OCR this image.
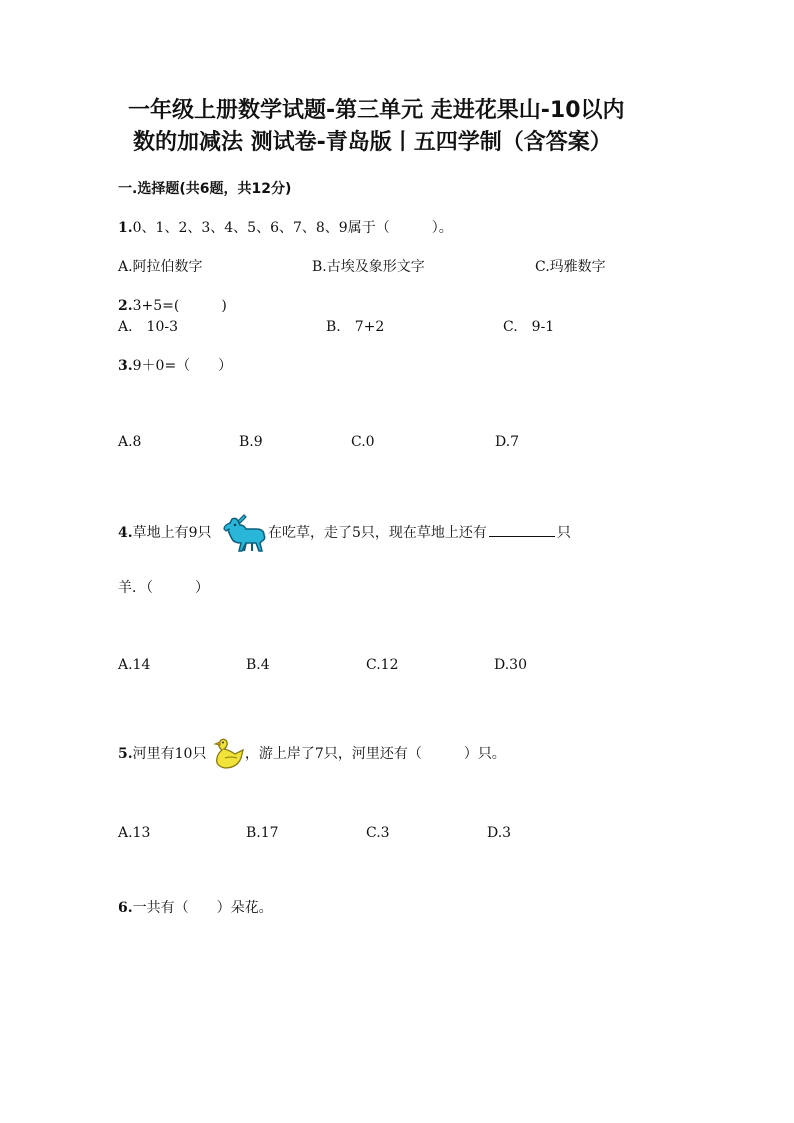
一年级上册数学试题-第三单元 走进花果山-10以内
数的加减法 测试卷-青岛版丨五四学制（含答案）
一.选择题(共6题，共12分)
1.0、1、2、3、4、5、6、7、8、9属于（　　　）。
A.阿拉伯数字	B.古埃及象形文字	C.玛雅数字
2.3+5=(　　　)
A.　10-3	B.　7+2	C.　9-1
3.9＋0=（　　）
A.8	B.9	C.0	D.7
4.草地上有9只	在吃草，走了5只，现在草地上还有	只
羊．（　　　）
A.14	B.4	C.12	D.30
5.河里有10只	，游上岸了7只，河里还有（　　　）只。
A.13	B.17	C.3	D.3
6.一共有（　　）朵花。
